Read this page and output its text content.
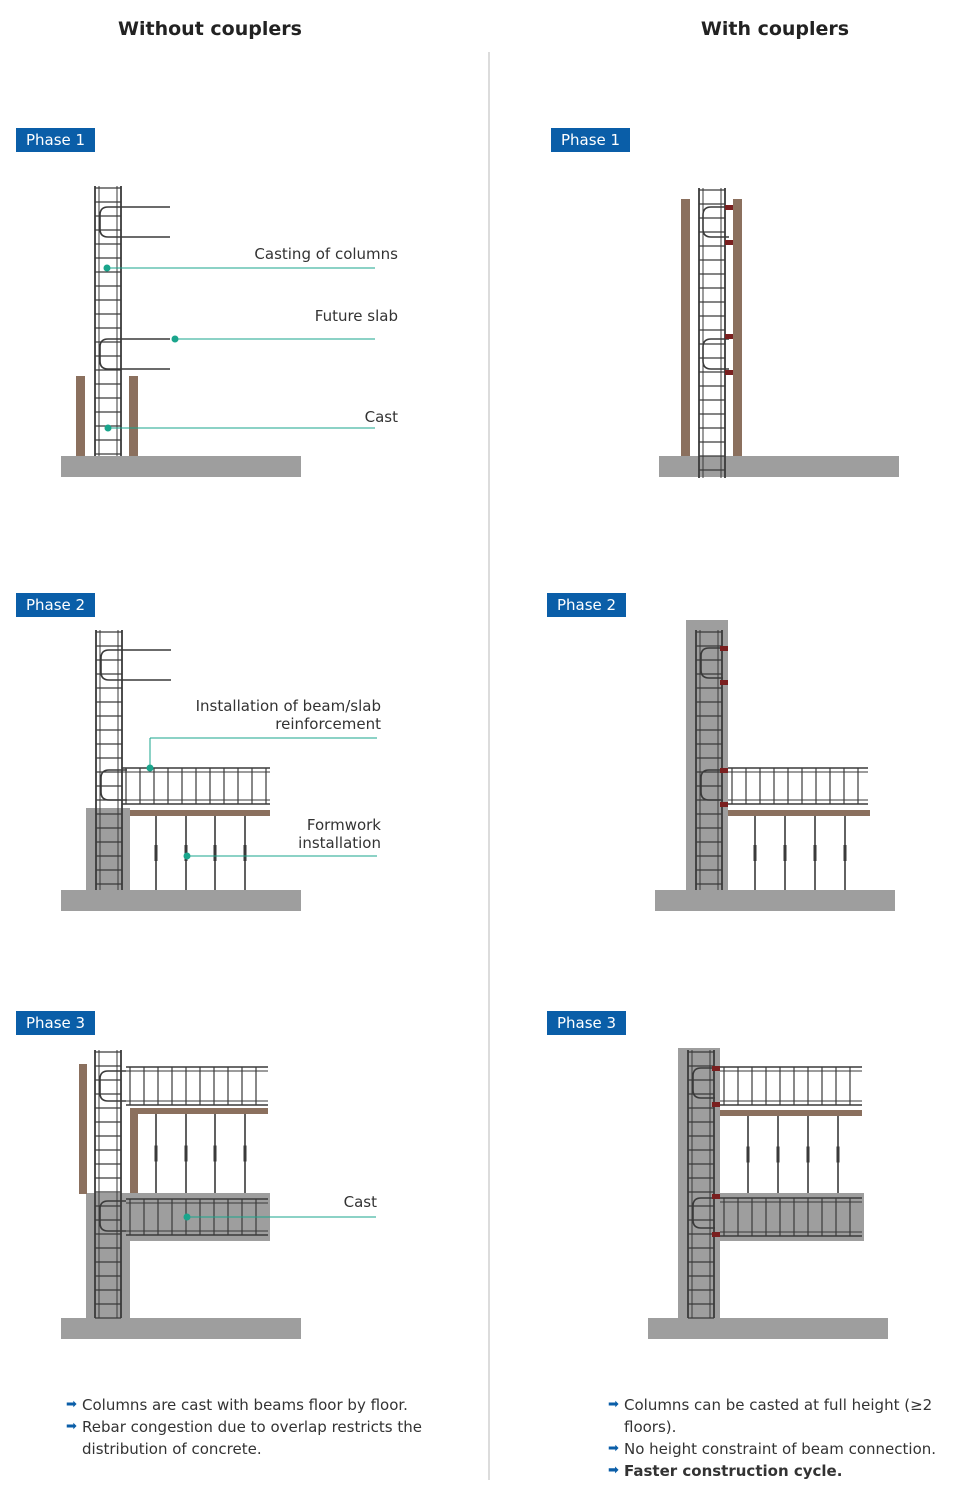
Without couplers	With couplers
Phase 1	Phase 1
Phase 2	Phase 2
Phase 3	Phase 3
Casting of columns
Future slab
Cast
Installation of beam/slab
reinforcement
Formwork
installation
Cast
➡ Columns are cast with beams floor by floor.
➡ Rebar congestion due to overlap restricts the
distribution of concrete.
➡ Columns can be casted at full height (≥2 floors).
➡ No height constraint of beam connection.
➡ Faster construction cycle.
